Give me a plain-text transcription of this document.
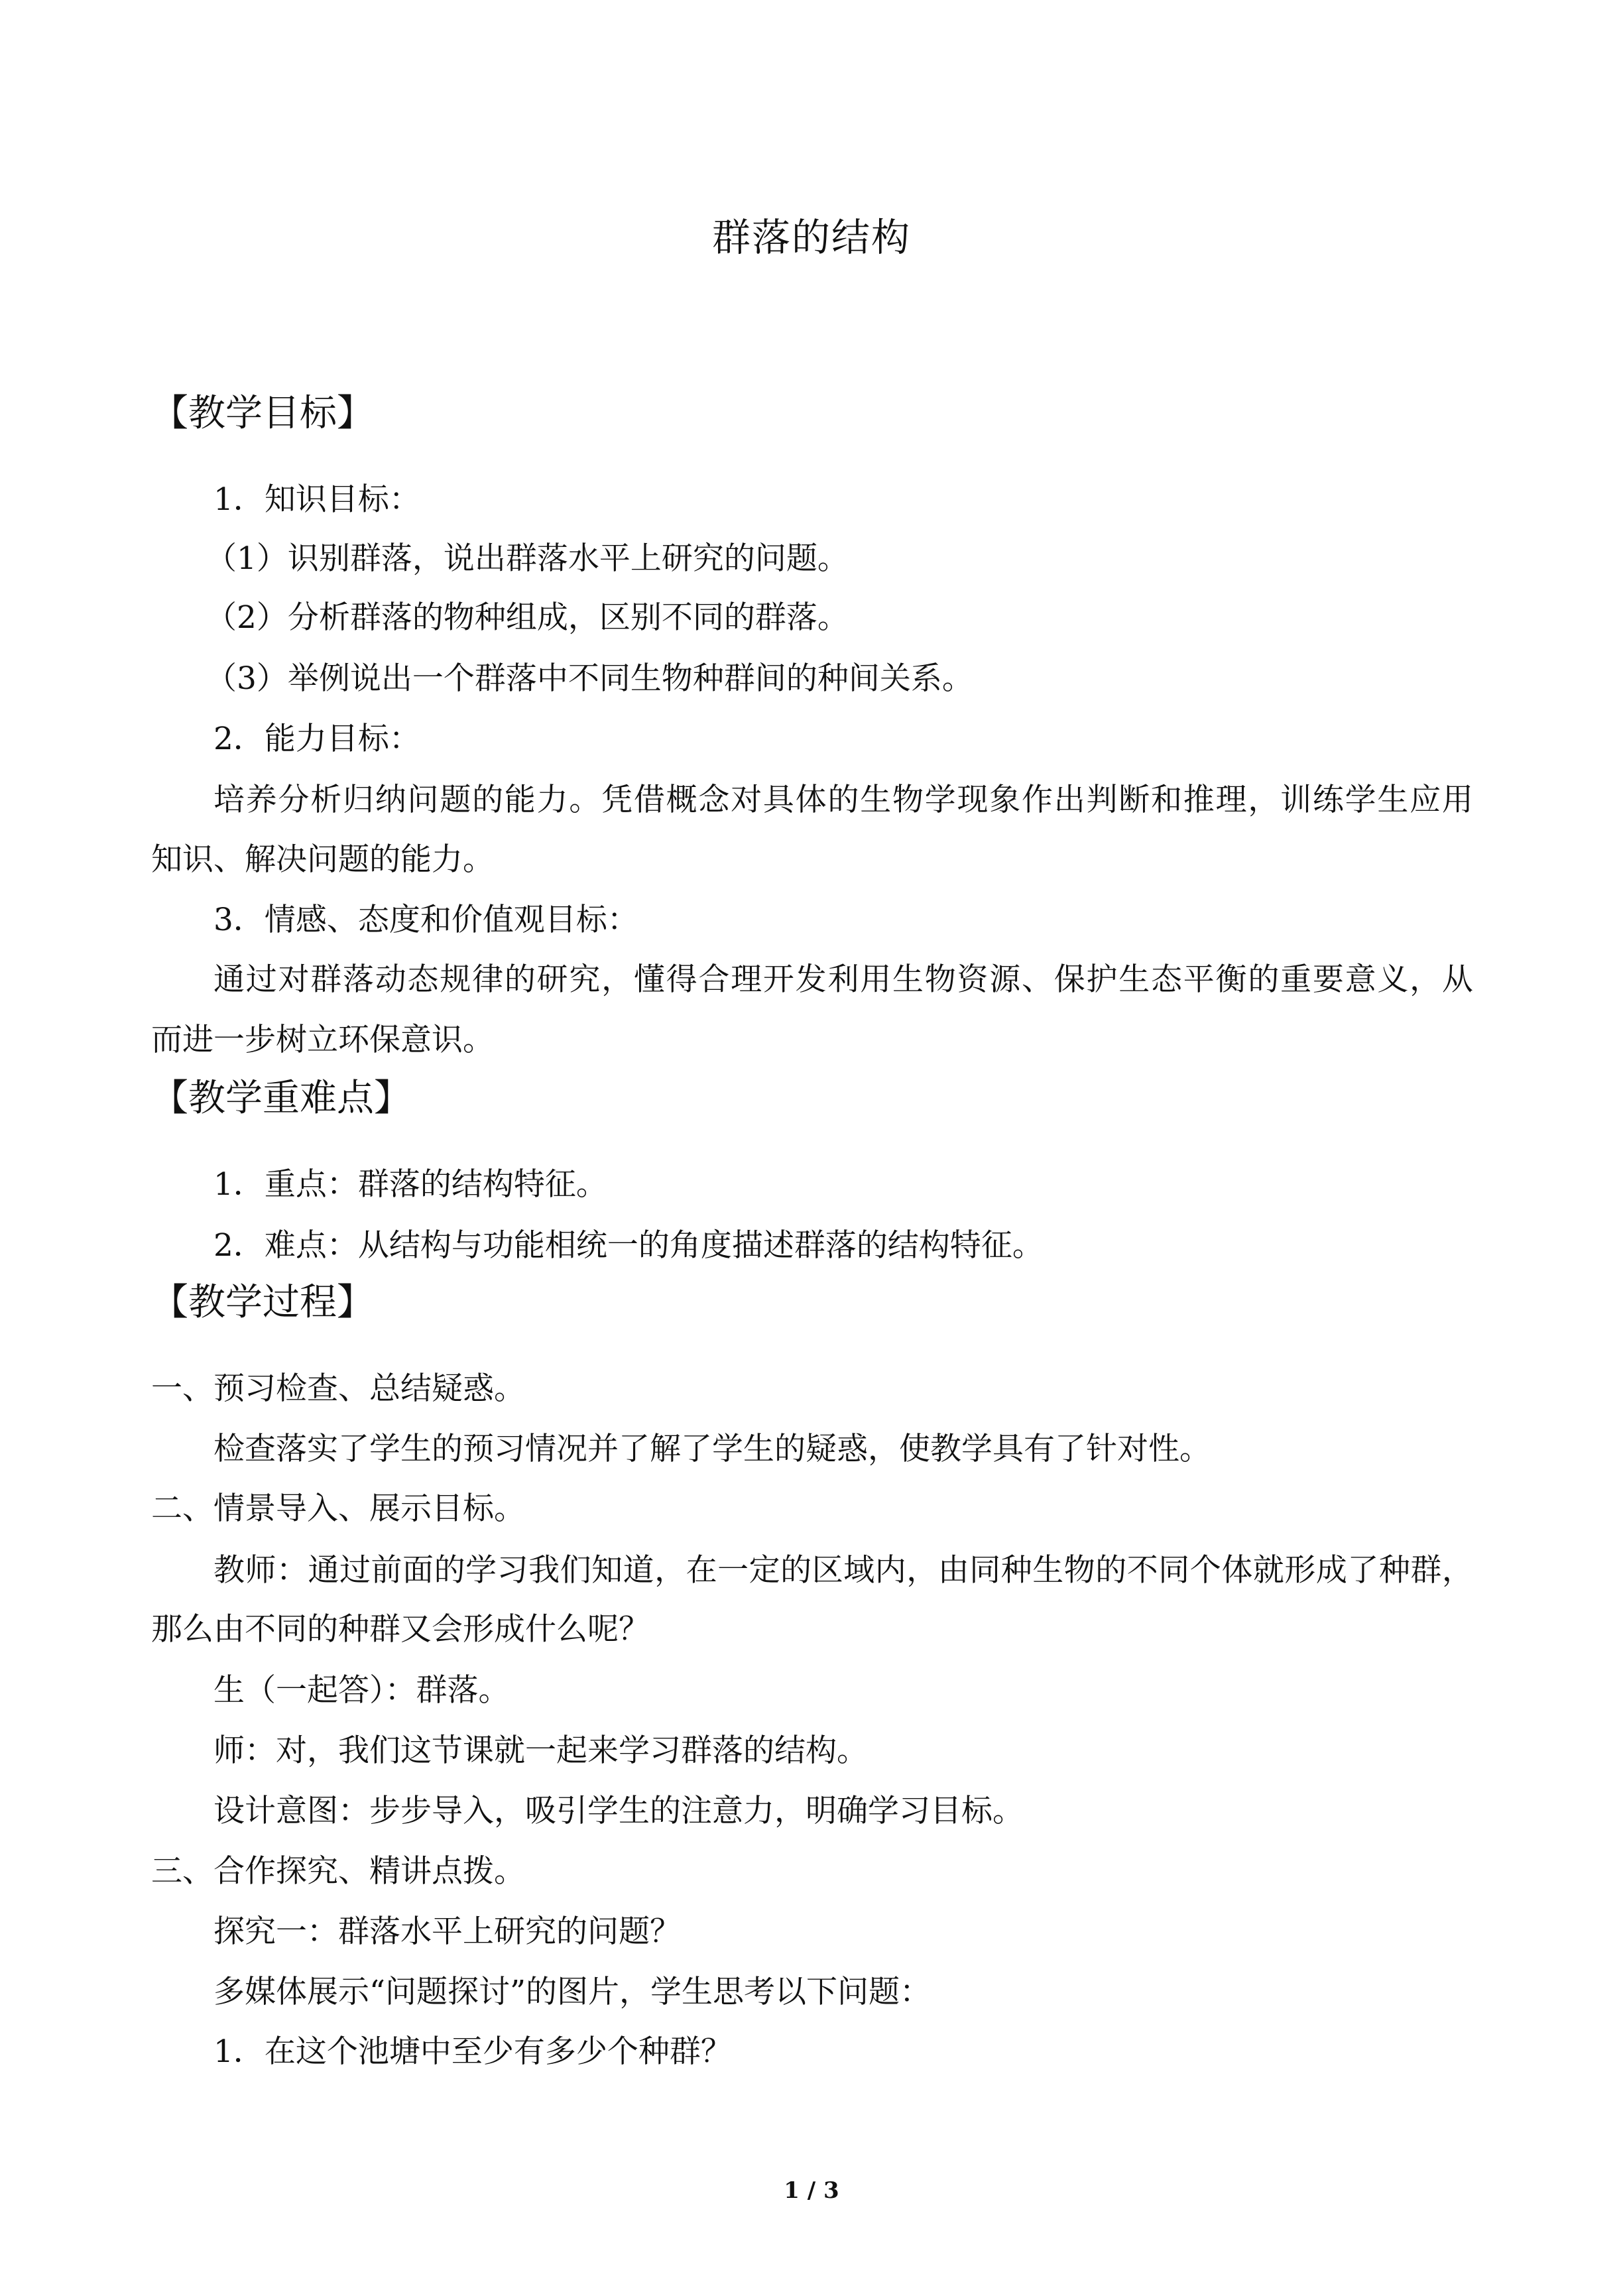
群落的结构
【教学目标】
1．知识目标：
（1）识别群落，说出群落水平上研究的问题。
（2）分析群落的物种组成，区别不同的群落。
（3）举例说出一个群落中不同生物种群间的种间关系。
2．能力目标：
培养分析归纳问题的能力。凭借概念对具体的生物学现象作出判断和推理，训练学生应用
知识、解决问题的能力。
3．情感、态度和价值观目标：
通过对群落动态规律的研究，懂得合理开发利用生物资源、保护生态平衡的重要意义，从
而进一步树立环保意识。
【教学重难点】
1．重点：群落的结构特征。
2．难点：从结构与功能相统一的角度描述群落的结构特征。
【教学过程】
一、预习检查、总结疑惑。
检查落实了学生的预习情况并了解了学生的疑惑，使教学具有了针对性。
二、情景导入、展示目标。
教师：通过前面的学习我们知道，在一定的区域内，由同种生物的不同个体就形成了种群，
那么由不同的种群又会形成什么呢？
生（一起答）：群落。
师：对，我们这节课就一起来学习群落的结构。
设计意图：步步导入，吸引学生的注意力，明确学习目标。
三、合作探究、精讲点拨。
探究一：群落水平上研究的问题？
多媒体展示“问题探讨”的图片，学生思考以下问题：
1．在这个池塘中至少有多少个种群？
1 / 3
